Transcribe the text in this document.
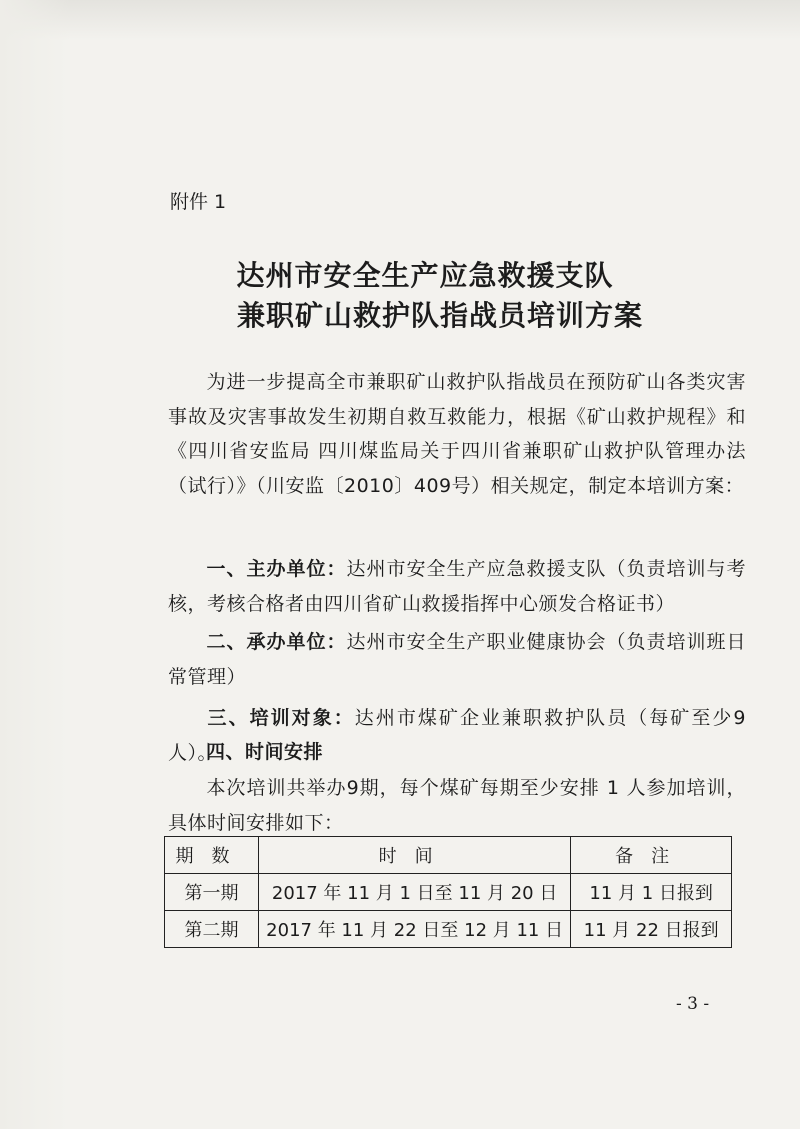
附件 1
达州市安全生产应急救援支队
兼职矿山救护队指战员培训方案
为进一步提高全市兼职矿山救护队指战员在预防矿山各类灾害事故及灾害事故发生初期自救互救能力，根据《矿山救护规程》和《四川省安监局 四川煤监局关于四川省兼职矿山救护队管理办法（试行）》（川安监〔2010〕409号）相关规定，制定本培训方案：
一、主办单位：达州市安全生产应急救援支队（负责培训与考核，考核合格者由四川省矿山救援指挥中心颁发合格证书）
二、承办单位：达州市安全生产职业健康协会（负责培训班日常管理）
三、培训对象：达州市煤矿企业兼职救护队员（每矿至少9人）。
四、时间安排
本次培训共举办9期，每个煤矿每期至少安排 1 人参加培训，具体时间安排如下：
期数	时间	备注
第一期	2017 年 11 月 1 日至 11 月 20 日	11 月 1 日报到
第二期	2017 年 11 月 22 日至 12 月 11 日	11 月 22 日报到
- 3 -
